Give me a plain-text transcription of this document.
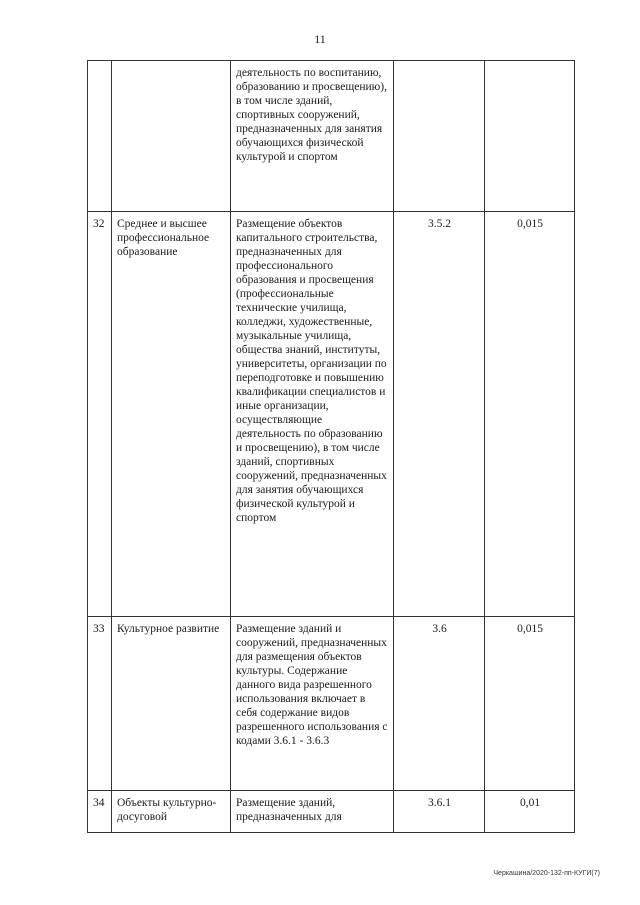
11
		деятельность по воспитанию, образованию и просвещению), в том числе зданий, спортивных сооружений, предназначенных для занятия обучающихся физической культурой и спортом		
32	Среднее и высшее профессиональное образование	Размещение объектов капитального строительства, предназначенных для профессионального образования и просвещения (профессиональные технические училища, колледжи, художественные, музыкальные училища, общества знаний, институты, университеты, организации по переподготовке и повышению квалификации специалистов и иные организации, осуществляющие деятельность по образованию и просвещению), в том числе зданий, спортивных сооружений, предназначенных для занятия обучающихся физической культурой и спортом	3.5.2	0,015
33	Культурное развитие	Размещение зданий и сооружений, предназначенных для размещения объектов культуры. Содержание данного вида разрешенного использования включает в себя содержание видов разрешенного использования с кодами 3.6.1 - 3.6.3	3.6	0,015
34	Объекты культурно-досуговой	Размещение зданий, предназначенных для	3.6.1	0,01
Черкашина/2020-132-пп-КУГИ(7)
